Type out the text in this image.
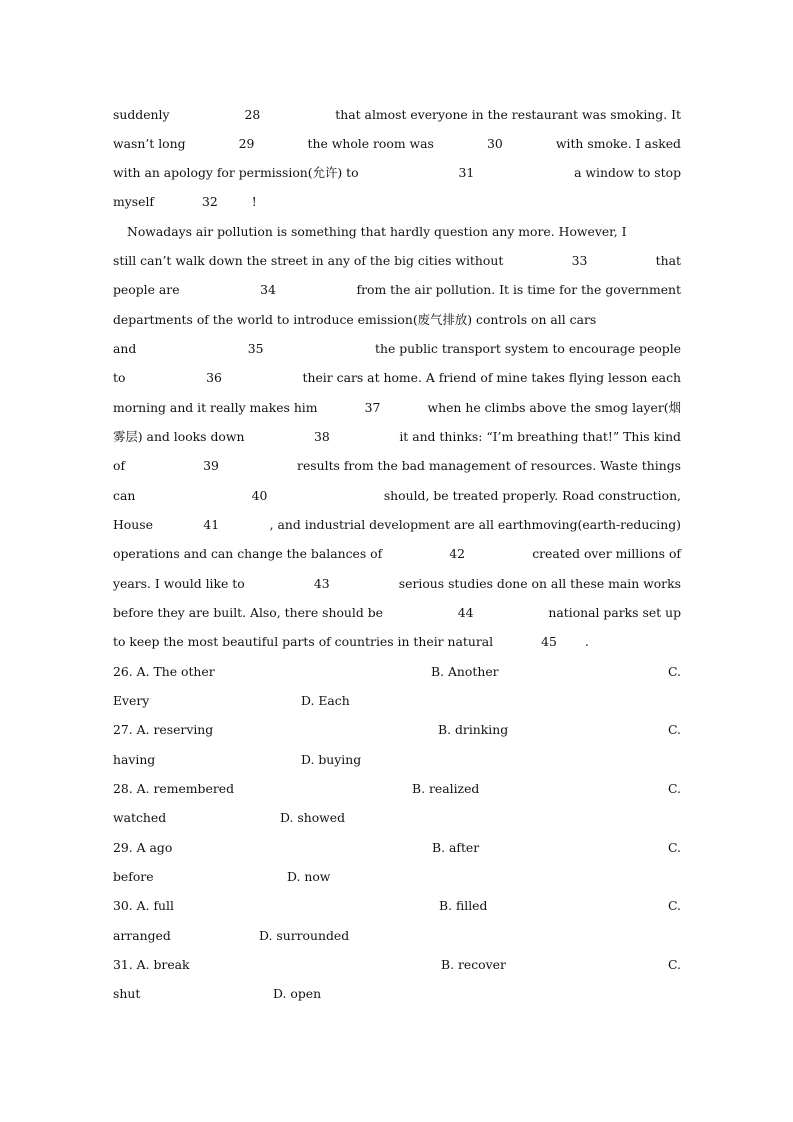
suddenly	28	that almost everyone in the restaurant was smoking. It
wasn’t long	29	the whole room was	30	with smoke. I asked
with an apology for permission(允许) to	31	a window to stop
myself	32	!
Nowadays air pollution is something that hardly question any more. However, I
still can’t walk down the street in any of the big cities without	33	that
people are	34	from the air pollution. It is time for the government
departments of the world to introduce emission(废气排放) controls on all cars
and	35	the public transport system to encourage people
to	36	their cars at home. A friend of mine takes flying lesson each
morning and it really makes him	37	when he climbs above the smog layer(烟
雾层) and looks down	38	it and thinks: “I’m breathing that!” This kind
of	39	results from the bad management of resources. Waste things
can	40	should, be treated properly. Road construction,
House	41	, and industrial development are all earthmoving(earth-reducing)
operations and can change the balances of	42	created over millions of
years. I would like to	43	serious studies done on all these main works
before they are built. Also, there should be	44	national parks set up
to keep the most beautiful parts of countries in their natural	45 .
26. A. The other	B. Another	C.
Every	D. Each
27. A. reserving	B. drinking	C.
having	D. buying
28. A. remembered	B. realized	C.
watched	D. showed
29. A ago	B. after	C.
before	D. now
30. A. full	B. filled	C.
arranged	D. surrounded
31. A. break	B. recover	C.
shut	D. open
